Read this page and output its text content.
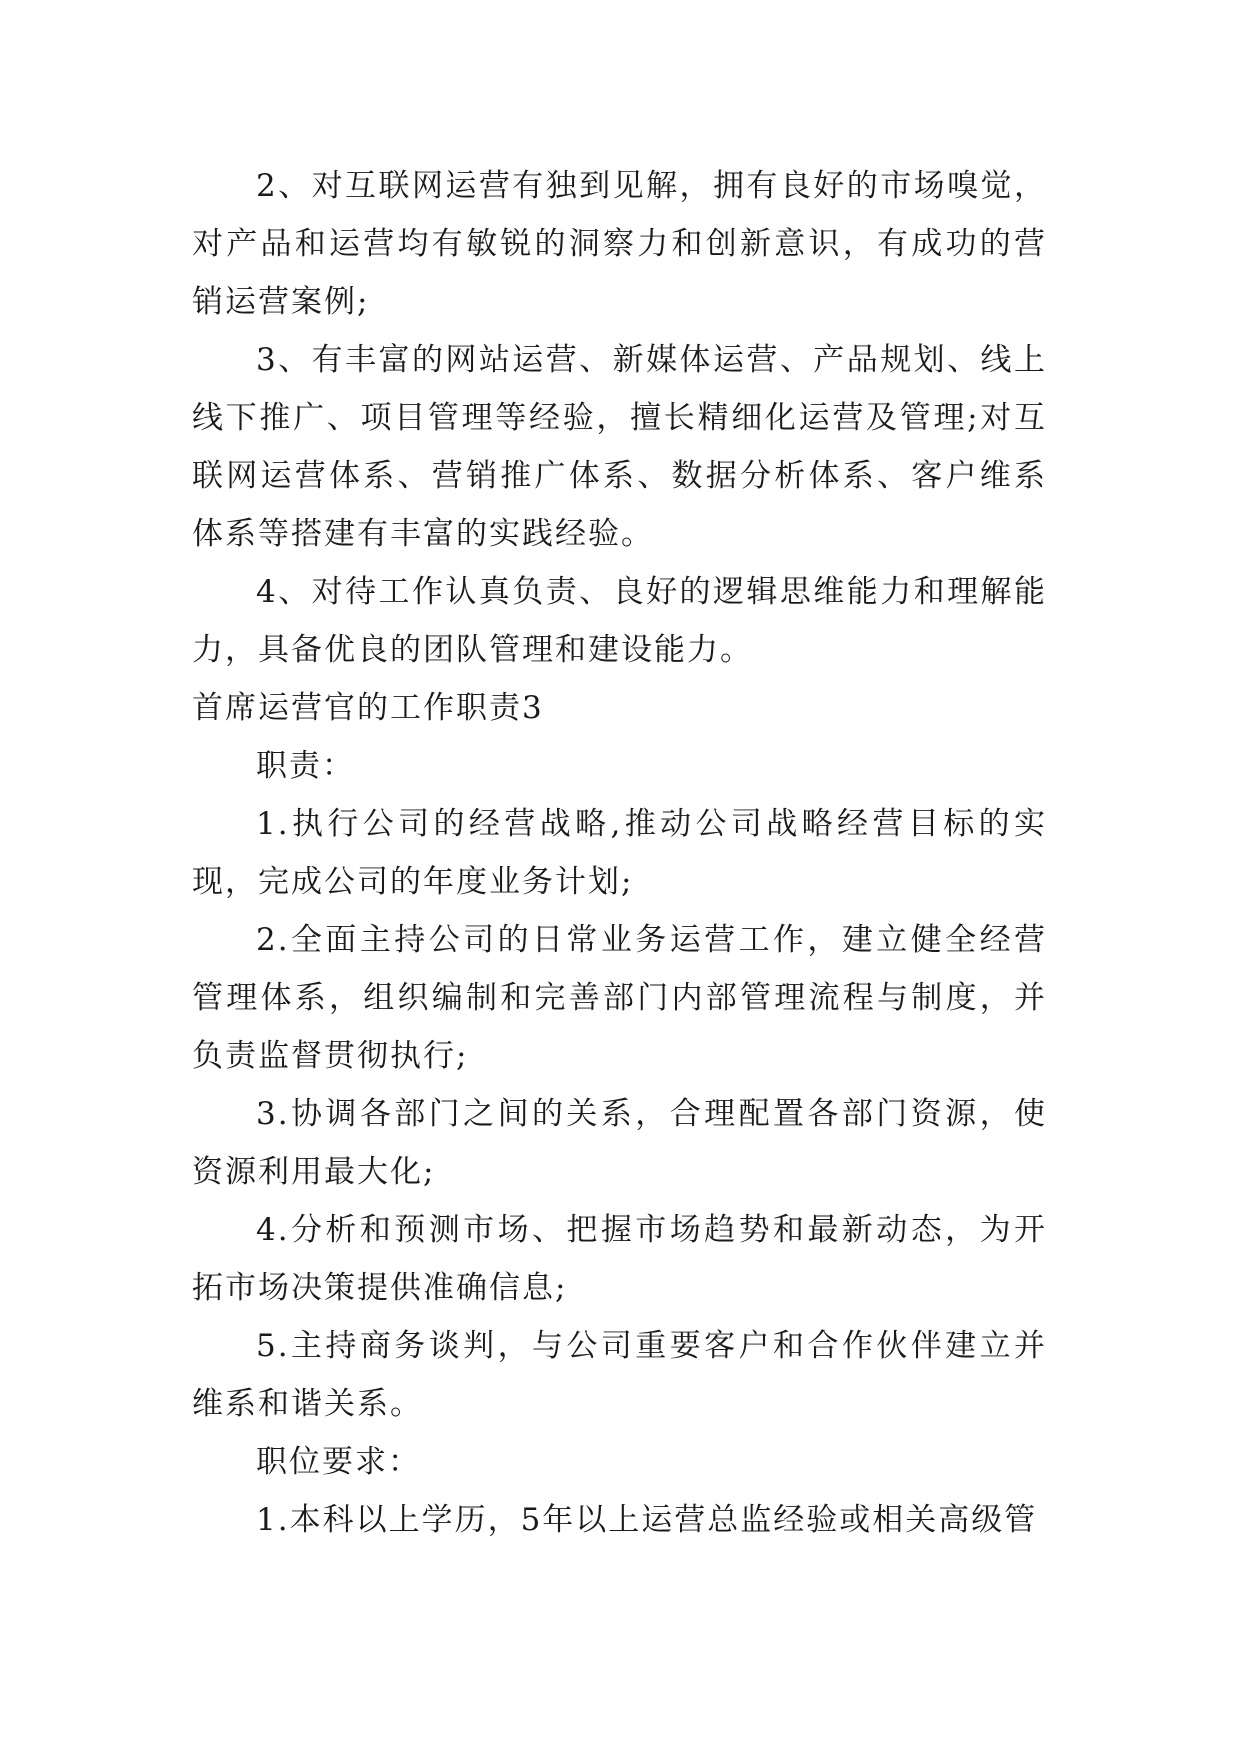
2、对互联网运营有独到见解，拥有良好的市场嗅觉，对产品和运营均有敏锐的洞察力和创新意识，有成功的营销运营案例;

3、有丰富的网站运营、新媒体运营、产品规划、线上线下推广、项目管理等经验，擅长精细化运营及管理;对互联网运营体系、营销推广体系、数据分析体系、客户维系体系等搭建有丰富的实践经验。

4、对待工作认真负责、良好的逻辑思维能力和理解能力，具备优良的团队管理和建设能力。

首席运营官的工作职责3

职责：

1.执行公司的经营战略,推动公司战略经营目标的实现，完成公司的年度业务计划;

2.全面主持公司的日常业务运营工作，建立健全经营管理体系，组织编制和完善部门内部管理流程与制度，并负责监督贯彻执行;

3.协调各部门之间的关系，合理配置各部门资源，使资源利用最大化;

4.分析和预测市场、把握市场趋势和最新动态，为开拓市场决策提供准确信息;

5.主持商务谈判，与公司重要客户和合作伙伴建立并维系和谐关系。

职位要求：

1.本科以上学历，5年以上运营总监经验或相关高级管
